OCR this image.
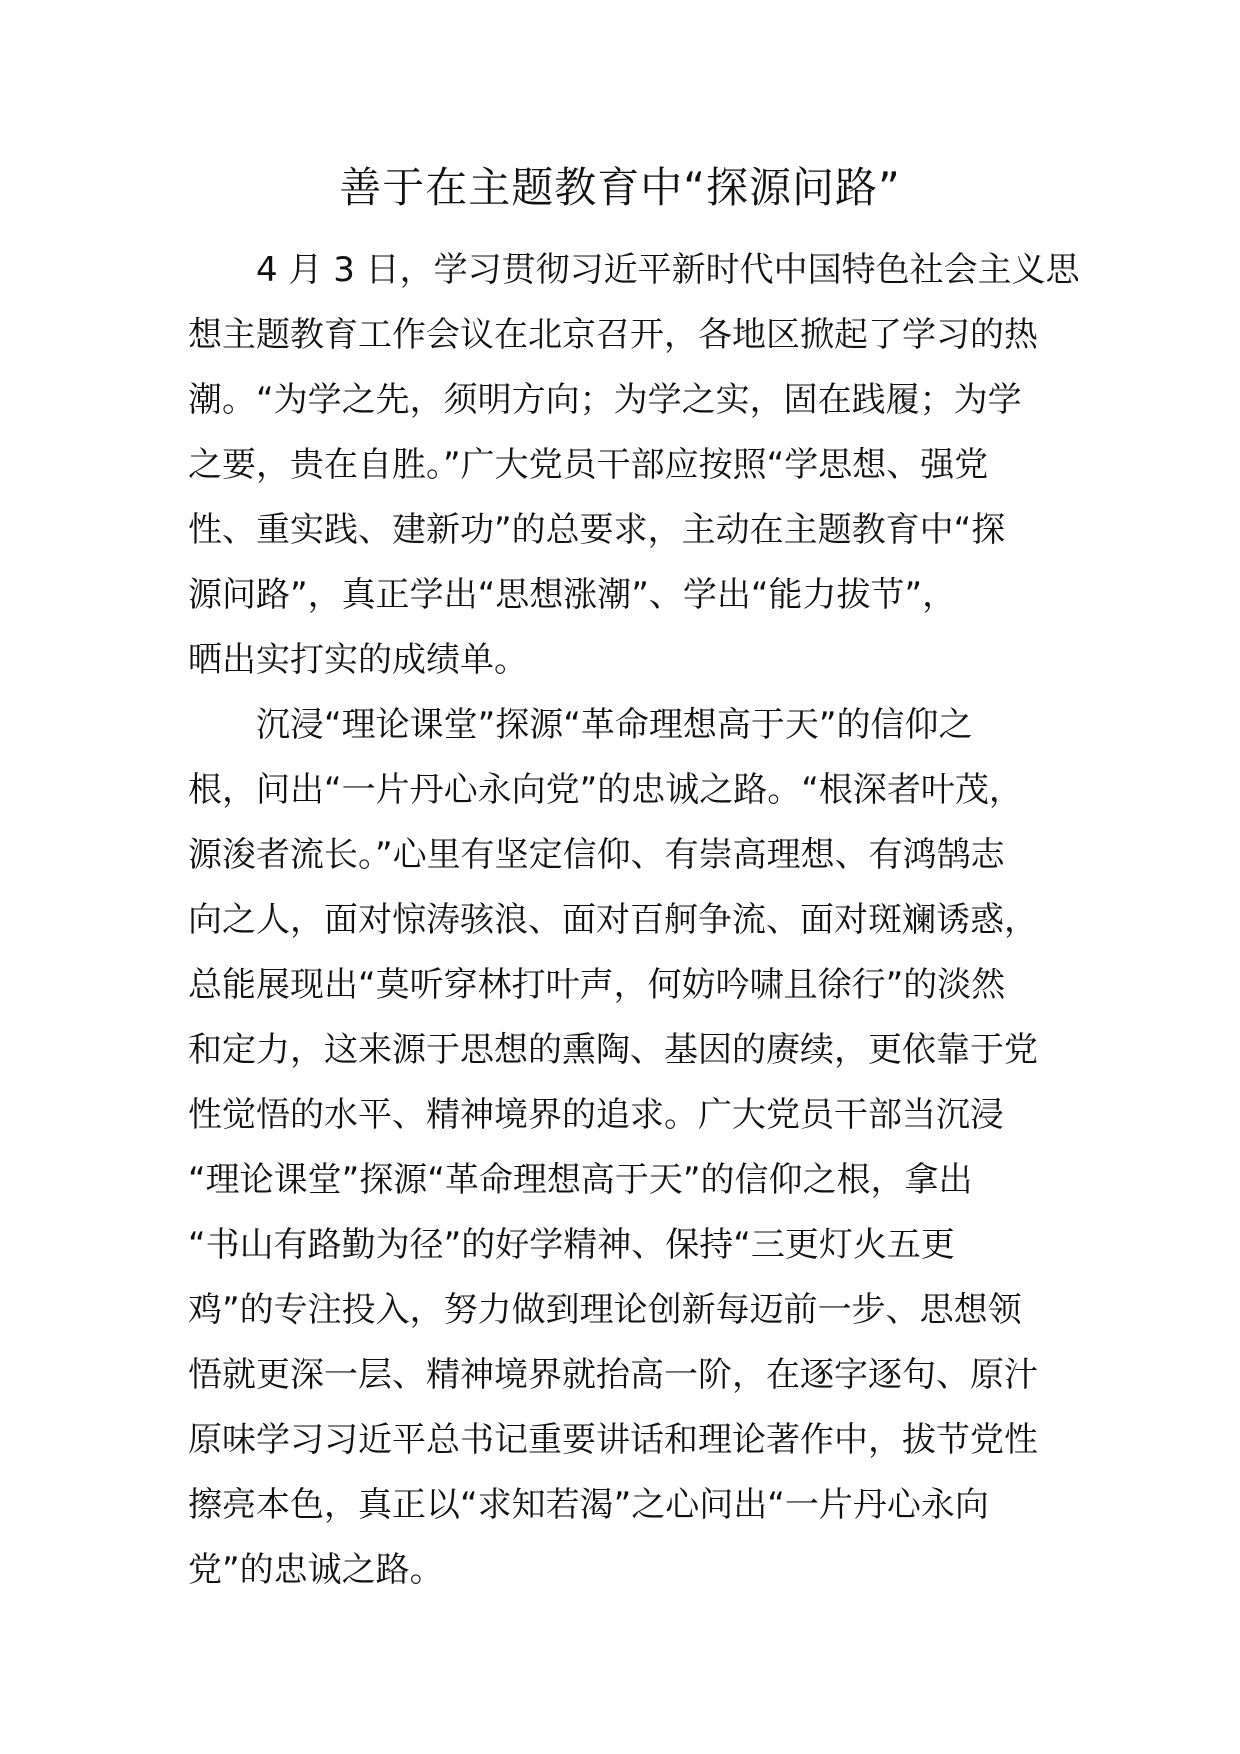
善于在主题教育中“探源问路”
4 月 3 日，学习贯彻习近平新时代中国特色社会主义思
想主题教育工作会议在北京召开，各地区掀起了学习的热
潮。“为学之先，须明方向；为学之实，固在践履；为学
之要，贵在自胜。”广大党员干部应按照“学思想、强党
性、重实践、建新功”的总要求，主动在主题教育中“探
源问路”，真正学出“思想涨潮”、学出“能力拔节”，
晒出实打实的成绩单。
沉浸“理论课堂”探源“革命理想高于天”的信仰之
根，问出“一片丹心永向党”的忠诚之路。“根深者叶茂，
源浚者流长。”心里有坚定信仰、有崇高理想、有鸿鹄志
向之人，面对惊涛骇浪、面对百舸争流、面对斑斓诱惑，
总能展现出“莫听穿林打叶声，何妨吟啸且徐行”的淡然
和定力，这来源于思想的熏陶、基因的赓续，更依靠于党
性觉悟的水平、精神境界的追求。广大党员干部当沉浸
“理论课堂”探源“革命理想高于天”的信仰之根，拿出
“书山有路勤为径”的好学精神、保持“三更灯火五更
鸡”的专注投入，努力做到理论创新每迈前一步、思想领
悟就更深一层、精神境界就抬高一阶，在逐字逐句、原汁
原味学习习近平总书记重要讲话和理论著作中，拔节党性
擦亮本色，真正以“求知若渴”之心问出“一片丹心永向
党”的忠诚之路。
